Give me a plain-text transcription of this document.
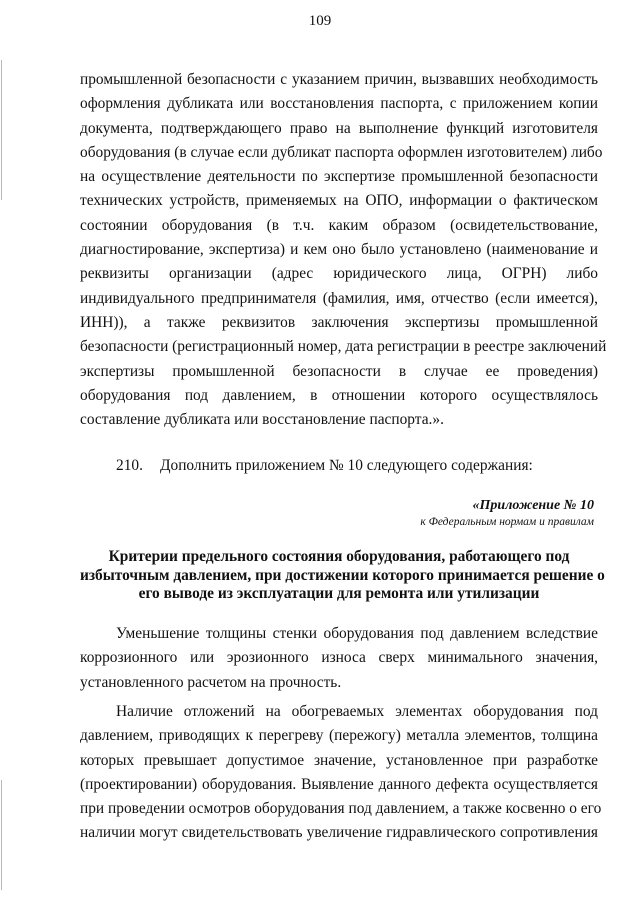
109
промышленной безопасности с указанием причин, вызвавших необходимость
оформления дубликата или восстановления паспорта, с приложением копии
документа, подтверждающего право на выполнение функций изготовителя
оборудования (в случае если дубликат паспорта оформлен изготовителем) либо
на осуществление деятельности по экспертизе промышленной безопасности
технических устройств, применяемых на ОПО, информации о фактическом
состоянии оборудования (в т.ч. каким образом (освидетельствование,
диагностирование, экспертиза) и кем оно было установлено (наименование и
реквизиты организации (адрес юридического лица, ОГРН) либо
индивидуального предпринимателя (фамилия, имя, отчество (если имеется),
ИНН)), а также реквизитов заключения экспертизы промышленной
безопасности (регистрационный номер, дата регистрации в реестре заключений
экспертизы промышленной безопасности в случае ее проведения)
оборудования под давлением, в отношении которого осуществлялось
составление дубликата или восстановление паспорта.».
210. Дополнить приложением № 10 следующего содержания:
«Приложение № 10
к Федеральным нормам и правилам
Критерии предельного состояния оборудования, работающего под
избыточным давлением, при достижении которого принимается решение о
его выводе из эксплуатации для ремонта или утилизации
Уменьшение толщины стенки оборудования под давлением вследствие
коррозионного или эрозионного износа сверх минимального значения,
установленного расчетом на прочность.
Наличие отложений на обогреваемых элементах оборудования под
давлением, приводящих к перегреву (пережогу) металла элементов, толщина
которых превышает допустимое значение, установленное при разработке
(проектировании) оборудования. Выявление данного дефекта осуществляется
при проведении осмотров оборудования под давлением, а также косвенно о его
наличии могут свидетельствовать увеличение гидравлического сопротивления
